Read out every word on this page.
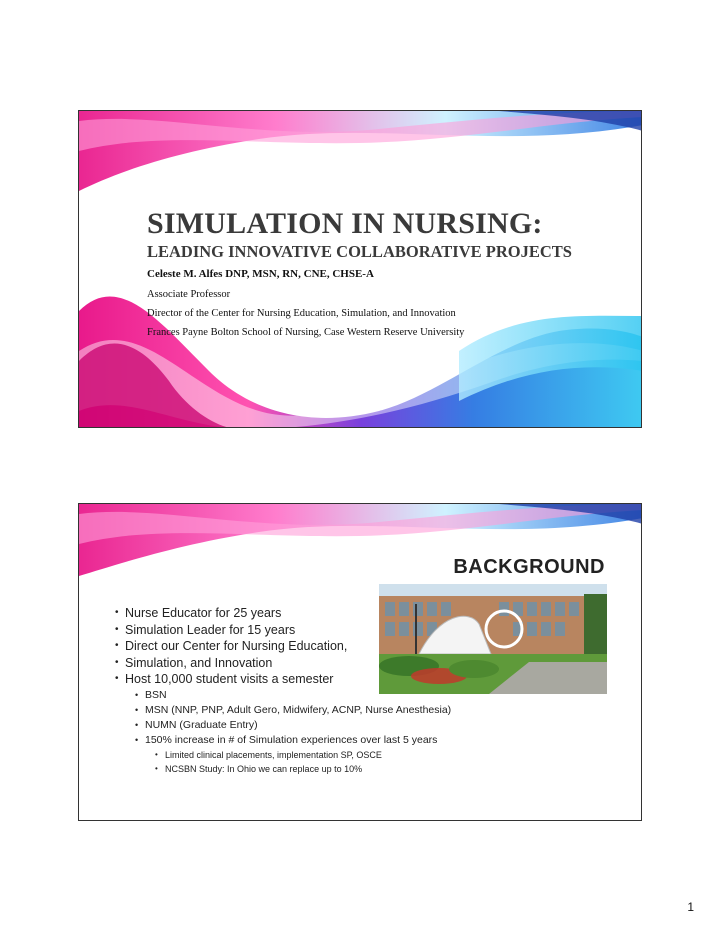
SIMULATION IN NURSING:
LEADING INNOVATIVE COLLABORATIVE PROJECTS
Celeste M. Alfes DNP, MSN, RN, CNE, CHSE-A
Associate Professor
Director of the Center for Nursing Education, Simulation, and Innovation
Frances Payne Bolton School of Nursing, Case Western Reserve University
BACKGROUND
• Nurse Educator for 25 years
• Simulation Leader for 15 years
• Direct our Center for Nursing Education,
• Simulation, and Innovation
• Host 10,000 student visits a semester
• BSN
• MSN (NNP, PNP, Adult Gero, Midwifery, ACNP, Nurse Anesthesia)
• NUMN (Graduate Entry)
• 150% increase in # of Simulation experiences over last 5 years
• Limited clinical placements, implementation SP, OSCE
• NCSBN Study: In Ohio we can replace up to 10%
1
